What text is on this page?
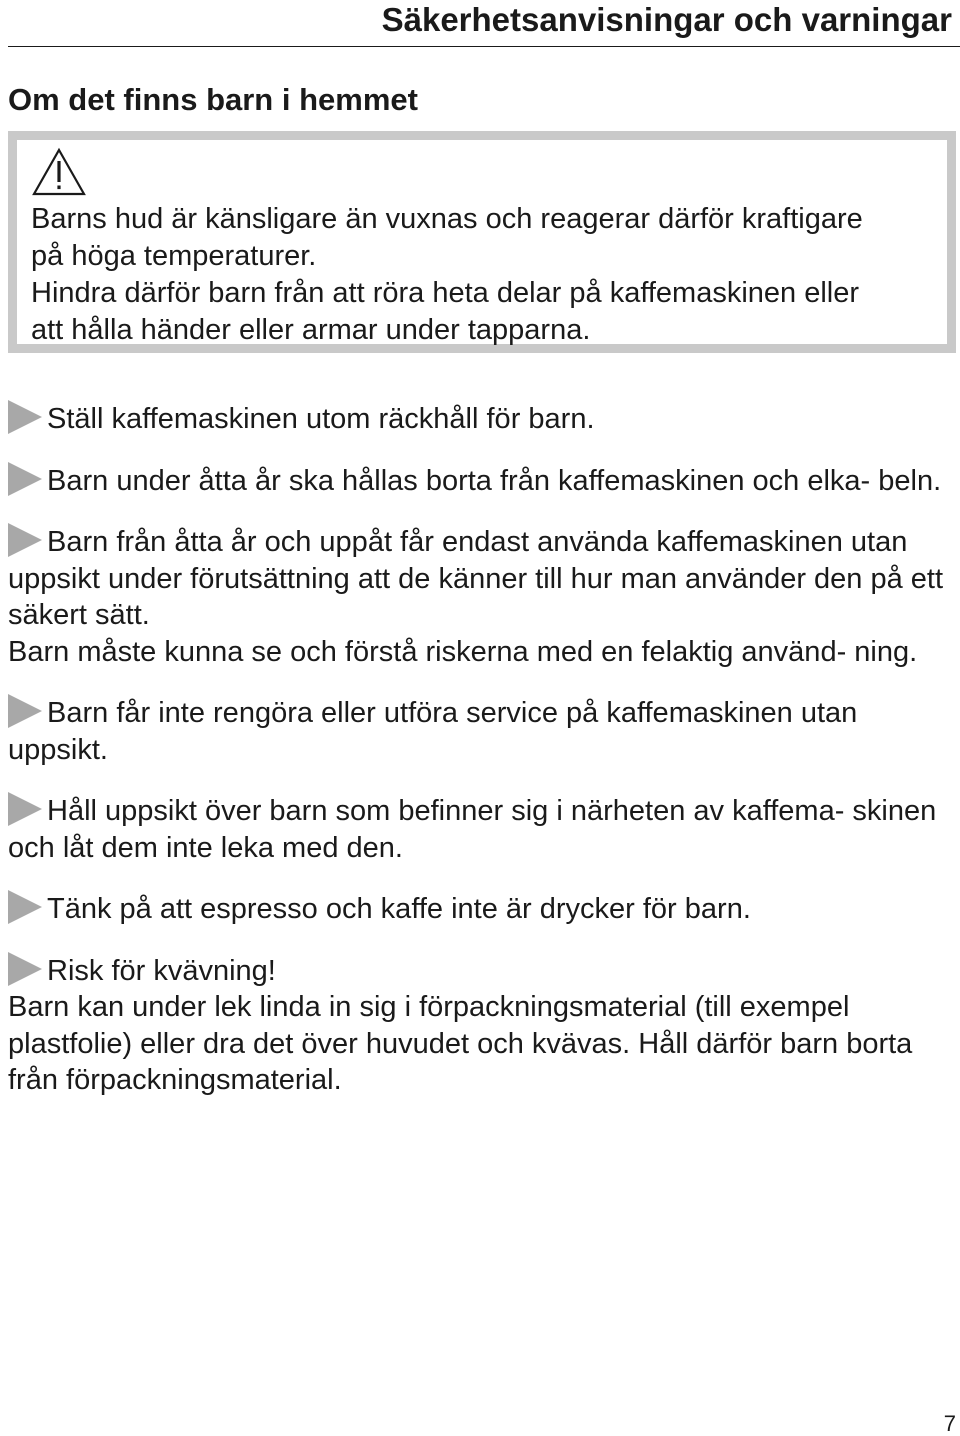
Säkerhetsanvisningar och varningar
Om det finns barn i hemmet

Barns hud är känsligare än vuxnas och reagerar därför kraftigare

på höga temperaturer.

Hindra därför barn från att röra heta delar på kaffemaskinen eller

att hålla händer eller armar under tapparna.

Ställ kaffemaskinen utom räckhåll för barn.

Barn under åtta år ska hållas borta från kaffemaskinen och elka- beln.

Barn från åtta år och uppåt får endast använda kaffemaskinen utan uppsikt under förutsättning att de känner till hur man använder den på ett säkert sätt.

Barn måste kunna se och förstå riskerna med en felaktig använd- ning.

Barn får inte rengöra eller utföra service på kaffemaskinen utan uppsikt.

Håll uppsikt över barn som befinner sig i närheten av kaffema- skinen och låt dem inte leka med den.

Tänk på att espresso och kaffe inte är drycker för barn.

Risk för kvävning!

Barn kan under lek linda in sig i förpackningsmaterial (till exempel plastfolie) eller dra det över huvudet och kvävas. Håll därför barn borta från förpackningsmaterial.

7
